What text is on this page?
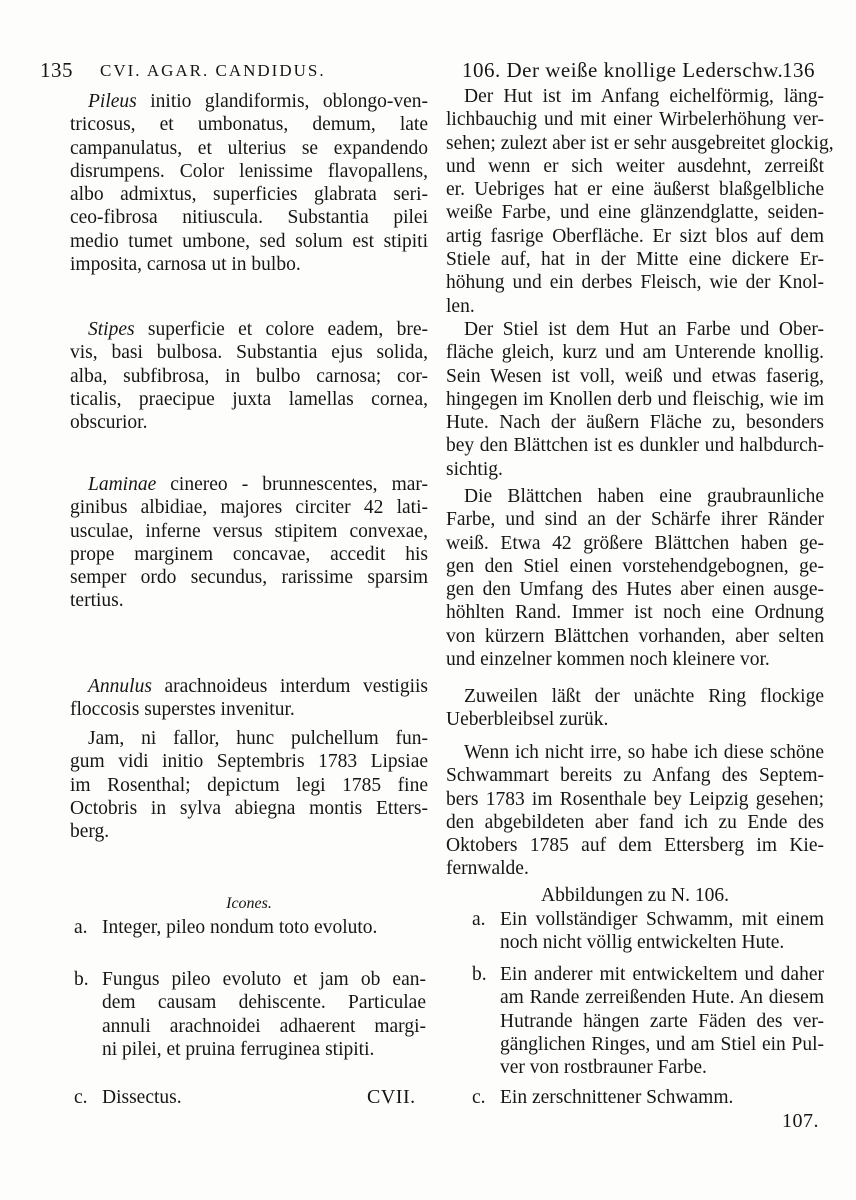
135 CVI. AGAR. CANDIDUS.	106. Der weiße knollige Lederschw.
136
Pileus initio glandiformis, oblongo-ven-
tricosus, et umbonatus, demum, late
campanulatus, et ulterius se expandendo
disrumpens. Color lenissime flavopallens,
albo admixtus, superficies glabrata seri-
ceo-fibrosa nitiuscula. Substantia pilei
medio tumet umbone, sed solum est stipiti
imposita, carnosa ut in bulbo.
Stipes superficie et colore eadem, bre-
vis, basi bulbosa. Substantia ejus solida,
alba, subfibrosa, in bulbo carnosa; cor-
ticalis, praecipue juxta lamellas cornea,
obscurior.
Laminae cinereo - brunnescentes, mar-
ginibus albidiae, majores circiter 42 lati-
usculae, inferne versus stipitem convexae,
prope marginem concavae, accedit his
semper ordo secundus, rarissime sparsim
tertius.
Annulus arachnoideus interdum vestigiis
floccosis superstes invenitur.
Jam, ni fallor, hunc pulchellum fun-
gum vidi initio Septembris 1783 Lipsiae
im Rosenthal; depictum legi 1785 fine
Octobris in sylva abiegna montis Etters-
berg.
Icones.
a. Integer, pileo nondum toto evoluto.
b. Fungus pileo evoluto et jam ob ean-
dem causam dehiscente. Particulae
annuli arachnoidei adhaerent margi-
ni pilei, et pruina ferruginea stipiti.
c. Dissectus.	CVII.
Der Hut ist im Anfang eichelförmig, läng-
lichbauchig und mit einer Wirbelerhöhung ver-
sehen; zulezt aber ist er sehr ausgebreitet glockig,
und wenn er sich weiter ausdehnt, zerreißt
er. Uebriges hat er eine äußerst blaßgelbliche
weiße Farbe, und eine glänzendglatte, seiden-
artig fasrige Oberfläche. Er sizt blos auf dem
Stiele auf, hat in der Mitte eine dickere Er-
höhung und ein derbes Fleisch, wie der Knol-
len.
Der Stiel ist dem Hut an Farbe und Ober-
fläche gleich, kurz und am Unterende knollig.
Sein Wesen ist voll, weiß und etwas faserig,
hingegen im Knollen derb und fleischig, wie im
Hute. Nach der äußern Fläche zu, besonders
bey den Blättchen ist es dunkler und halbdurch-
sichtig.
Die Blättchen haben eine graubraunliche
Farbe, und sind an der Schärfe ihrer Ränder
weiß. Etwa 42 größere Blättchen haben ge-
gen den Stiel einen vorstehendgebognen, ge-
gen den Umfang des Hutes aber einen ausge-
höhlten Rand. Immer ist noch eine Ordnung
von kürzern Blättchen vorhanden, aber selten
und einzelner kommen noch kleinere vor.
Zuweilen läßt der unächte Ring flockige
Ueberbleibsel zurük.
Wenn ich nicht irre, so habe ich diese schöne
Schwammart bereits zu Anfang des Septem-
bers 1783 im Rosenthale bey Leipzig gesehen;
den abgebildeten aber fand ich zu Ende des
Oktobers 1785 auf dem Ettersberg im Kie-
fernwalde.
Abbildungen zu N. 106.
a. Ein vollständiger Schwamm, mit einem
noch nicht völlig entwickelten Hute.
b. Ein anderer mit entwickeltem und daher
am Rande zerreißenden Hute. An diesem
Hutrande hängen zarte Fäden des ver-
gänglichen Ringes, und am Stiel ein Pul-
ver von rostbrauner Farbe.
c. Ein zerschnittener Schwamm.
107.
